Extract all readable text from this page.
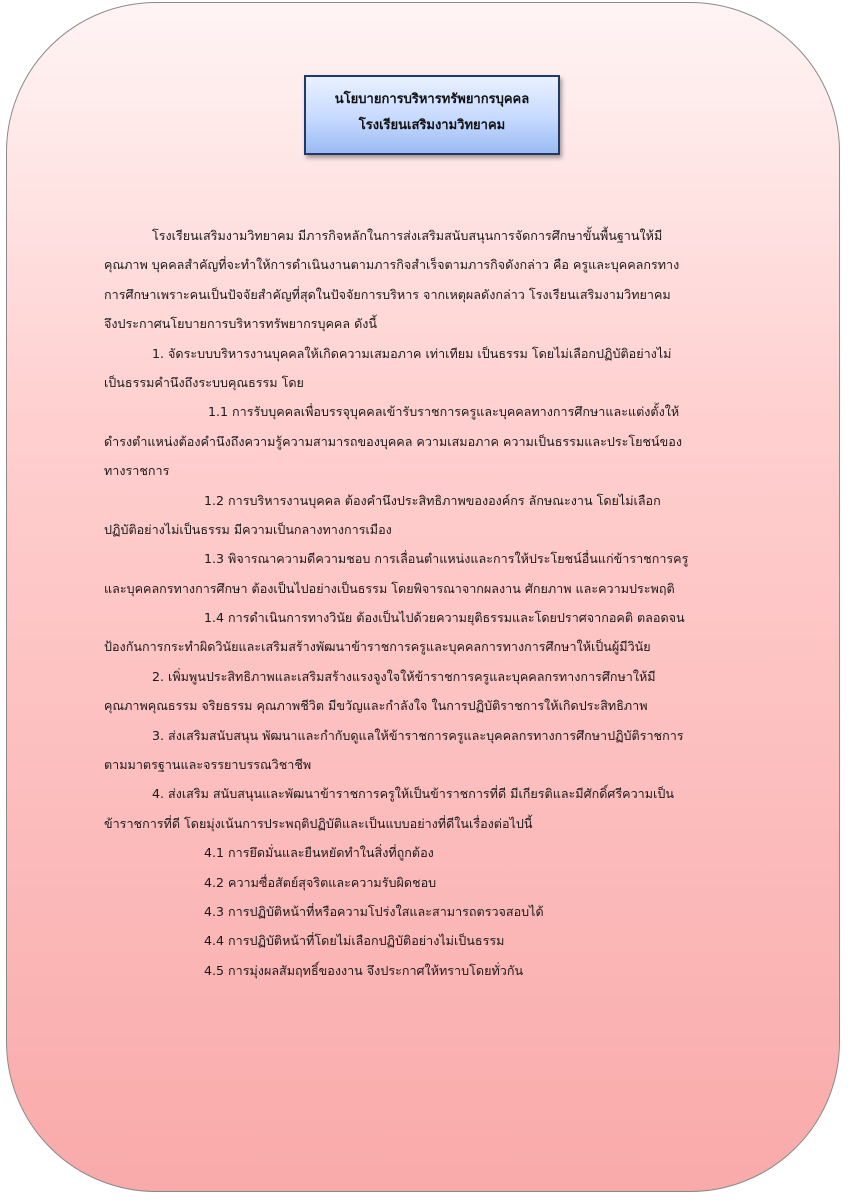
นโยบายการบริหารทรัพยากรบุคคล
โรงเรียนเสริมงามวิทยาคม
โรงเรียนเสริมงามวิทยาคม มีภารกิจหลักในการส่งเสริมสนับสนุนการจัดการศึกษาขั้นพื้นฐานให้มี
คุณภาพ บุคคลสำคัญที่จะทำให้การดำเนินงานตามภารกิจสำเร็จตามภารกิจดังกล่าว คือ ครูและบุคคลกรทาง
การศึกษาเพราะคนเป็นปัจจัยสำคัญที่สุดในปัจจัยการบริหาร จากเหตุผลดังกล่าว โรงเรียนเสริมงามวิทยาคม
จึงประกาศนโยบายการบริหารทรัพยากรบุคคล ดังนี้
1. จัดระบบบริหารงานบุคคลให้เกิดความเสมอภาค เท่าเทียม เป็นธรรม โดยไม่เลือกปฏิบัติอย่างไม่
เป็นธรรมคำนึงถึงระบบคุณธรรม โดย
1.1 การรับบุคคลเพื่อบรรจุบุคคลเข้ารับราชการครูและบุคคลทางการศึกษาและแต่งตั้งให้
ดำรงตำแหน่งต้องคำนึงถึงความรู้ความสามารถของบุคคล ความเสมอภาค ความเป็นธรรมและประโยชน์ของ
ทางราชการ
1.2 การบริหารงานบุคคล ต้องคำนึงประสิทธิภาพขององค์กร ลักษณะงาน โดยไม่เลือก
ปฏิบัติอย่างไม่เป็นธรรม มีความเป็นกลางทางการเมือง
1.3 พิจารณาความดีความชอบ การเลื่อนตำแหน่งและการให้ประโยชน์อื่นแก่ข้าราชการครู
และบุคคลกรทางการศึกษา ต้องเป็นไปอย่างเป็นธรรม โดยพิจารณาจากผลงาน ศักยภาพ และความประพฤติ
1.4 การดำเนินการทางวินัย ต้องเป็นไปด้วยความยุติธรรมและโดยปราศจากอคติ ตลอดจน
ป้องกันการกระทำผิดวินัยและเสริมสร้างพัฒนาข้าราชการครูและบุคคลการทางการศึกษาให้เป็นผู้มีวินัย
2. เพิ่มพูนประสิทธิภาพและเสริมสร้างแรงจูงใจให้ข้าราชการครูและบุคคลกรทางการศึกษาให้มี
คุณภาพคุณธรรม จริยธรรม คุณภาพชีวิต มีขวัญและกำลังใจ ในการปฏิบัติราชการให้เกิดประสิทธิภาพ
3. ส่งเสริมสนับสนุน พัฒนาและกำกับดูแลให้ข้าราชการครูและบุคคลกรทางการศึกษาปฏิบัติราชการ
ตามมาตรฐานและจรรยาบรรณวิชาชีพ
4. ส่งเสริม สนับสนุนและพัฒนาข้าราชการครูให้เป็นข้าราชการที่ดี มีเกียรติและมีศักดิ์ศรีความเป็น
ข้าราชการที่ดี โดยมุ่งเน้นการประพฤติปฏิบัติและเป็นแบบอย่างที่ดีในเรื่องต่อไปนี้
4.1 การยึดมั่นและยืนหยัดทำในสิ่งที่ถูกต้อง
4.2 ความซื่อสัตย์สุจริตและความรับผิดชอบ
4.3 การปฏิบัติหน้าที่หรือความโปร่งใสและสามารถตรวจสอบได้
4.4 การปฏิบัติหน้าที่โดยไม่เลือกปฏิบัติอย่างไม่เป็นธรรม
4.5 การมุ่งผลสัมฤทธิ์ของงาน จึงประกาศให้ทราบโดยทั่วกัน
